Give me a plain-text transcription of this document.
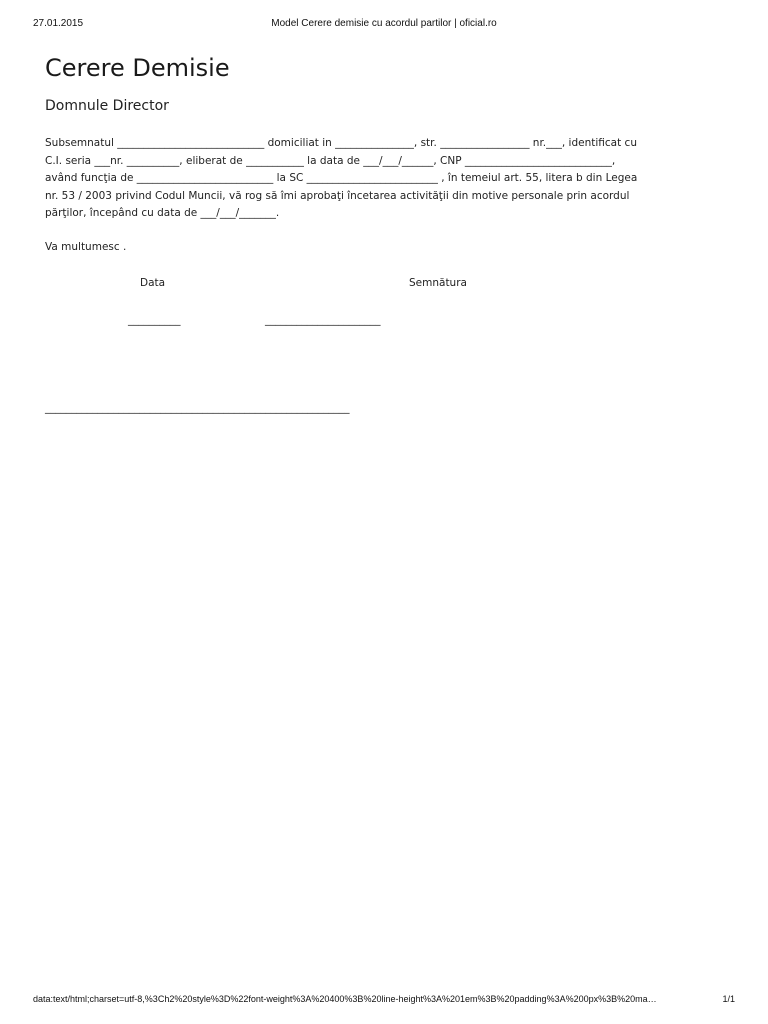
27.01.2015	Model Cerere demisie cu acordul partilor | oficial.ro
Cerere Demisie

Domnule Director

Subsemnatul ____________________________ domiciliat in _______________, str. _________________ nr.___, identificat cu
C.I. seria ___nr. __________, eliberat de ___________ la data de ___/___/______, CNP ____________________________,
având funcţia de __________________________ la SC _________________________ , în temeiul art. 55, litera b din Legea
nr. 53 / 2003 privind Codul Muncii, vă rog să îmi aprobaţi încetarea activităţii din motive personale prin acordul
părţilor, începând cu data de ___/___/_______.

Va multumesc .
Data	Semnătura
__________	______________________
__________________________________________________________
data:text/html;charset=utf-8,%3Ch2%20style%3D%22font-weight%3A%20400%3B%20line-height%3A%201em%3B%20padding%3A%200px%3B%20ma…	1/1
